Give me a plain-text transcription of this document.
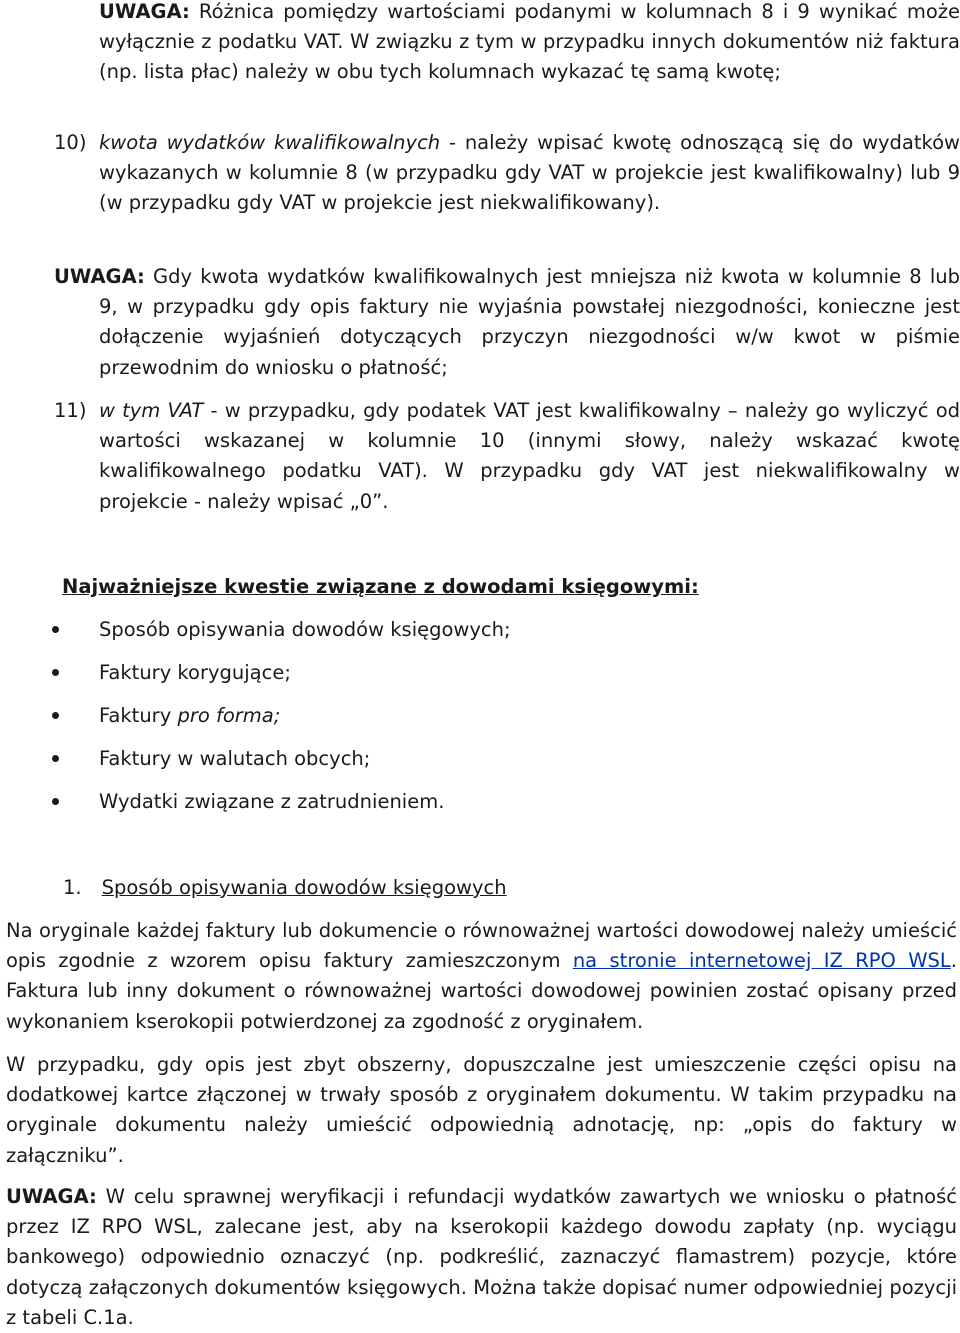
UWAGA: Różnica pomiędzy wartościami podanymi w kolumnach 8 i 9 wynikać może wyłącznie z podatku VAT. W związku z tym w przypadku innych dokumentów niż faktura (np. lista płac) należy w obu tych kolumnach wykazać tę samą kwotę;

10) kwota wydatków kwalifikowalnych - należy wpisać kwotę odnoszącą się do wydatków wykazanych w kolumnie 8 (w przypadku gdy VAT w projekcie jest kwalifikowalny) lub 9 (w przypadku gdy VAT w projekcie jest niekwalifikowany).

UWAGA: Gdy kwota wydatków kwalifikowalnych jest mniejsza niż kwota w kolumnie 8 lub 9, w przypadku gdy opis faktury nie wyjaśnia powstałej niezgodności, konieczne jest dołączenie wyjaśnień dotyczących przyczyn niezgodności w/w kwot w piśmie przewodnim do wniosku o płatność;

11) w tym VAT - w przypadku, gdy podatek VAT jest kwalifikowalny – należy go wyliczyć od wartości wskazanej w kolumnie 10 (innymi słowy, należy wskazać kwotę kwalifikowalnego podatku VAT). W przypadku gdy VAT jest niekwalifikowalny w projekcie - należy wpisać „0”.

Najważniejsze kwestie związane z dowodami księgowymi:

Sposób opisywania dowodów księgowych;
Faktury korygujące;
Faktury pro forma;
Faktury w walutach obcych;
Wydatki związane z zatrudnieniem.

1. Sposób opisywania dowodów księgowych

Na oryginale każdej faktury lub dokumencie o równoważnej wartości dowodowej należy umieścić opis zgodnie z wzorem opisu faktury zamieszczonym na stronie internetowej IZ RPO WSL. Faktura lub inny dokument o równoważnej wartości dowodowej powinien zostać opisany przed wykonaniem kserokopii potwierdzonej za zgodność z oryginałem.

W przypadku, gdy opis jest zbyt obszerny, dopuszczalne jest umieszczenie części opisu na dodatkowej kartce złączonej w trwały sposób z oryginałem dokumentu. W takim przypadku na oryginale dokumentu należy umieścić odpowiednią adnotację, np: „opis do faktury w załączniku”.

UWAGA: W celu sprawnej weryfikacji i refundacji wydatków zawartych we wniosku o płatność przez IZ RPO WSL, zalecane jest, aby na kserokopii każdego dowodu zapłaty (np. wyciągu bankowego) odpowiednio oznaczyć (np. podkreślić, zaznaczyć flamastrem) pozycje, które dotyczą załączonych dokumentów księgowych. Można także dopisać numer odpowiedniej pozycji z tabeli C.1a.
